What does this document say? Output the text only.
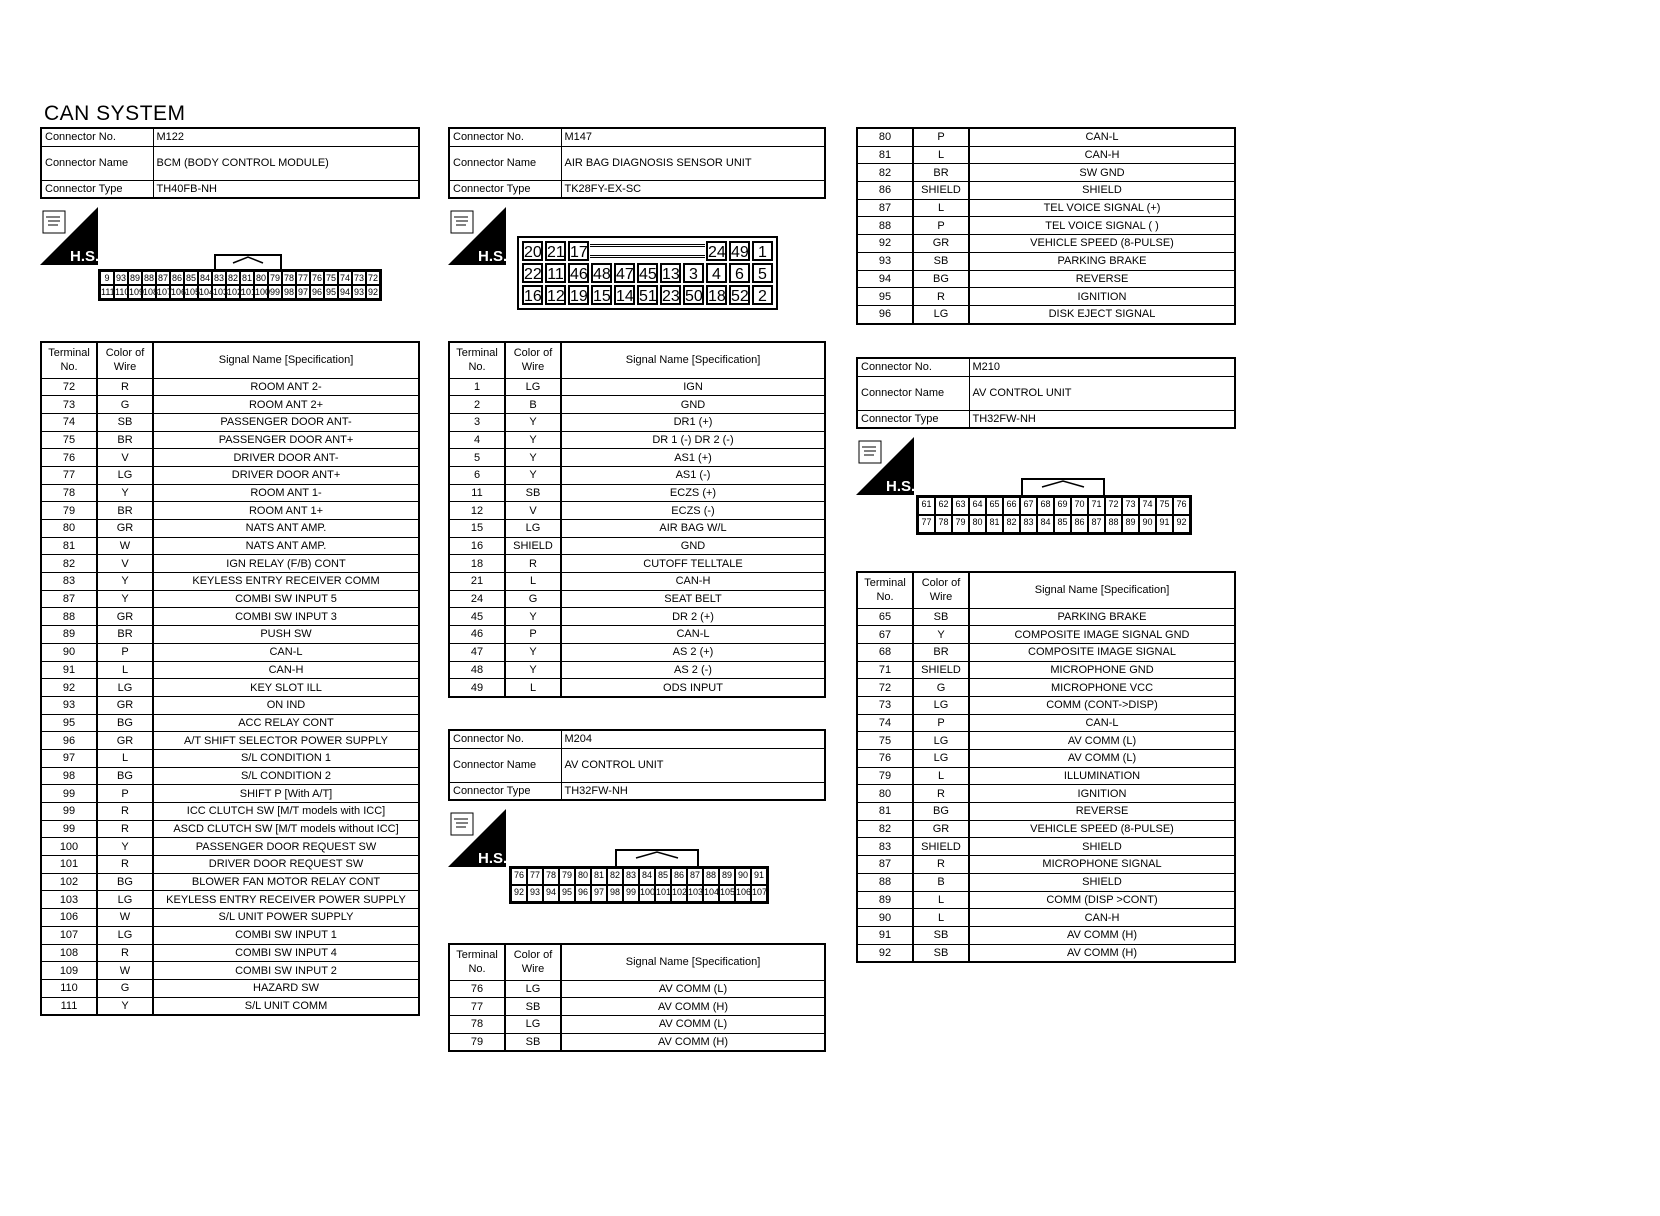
CAN SYSTEM
Connector No.	M122
Connector Name	BCM (BODY CONTROL MODULE)
Connector Type	TH40FB-NH
H.S.
9 93 89 88 87 86 85 84 83 82 81 80 79 78 77 76 75 74 73 72
111 110 109
108
107
106
105
104
103
102
101
100 99 98 97 96 95 94 93 92
Terminal No.	Color of Wire	Signal Name [Specification]
72	R	ROOM ANT 2-
73	G	ROOM ANT 2+
74	SB	PASSENGER DOOR ANT-
75	BR	PASSENGER DOOR ANT+
76	V	DRIVER DOOR ANT-
77	LG	DRIVER DOOR ANT+
78	Y	ROOM ANT 1-
79	BR	ROOM ANT 1+
80	GR	NATS ANT AMP.
81	W	NATS ANT AMP.
82	V	IGN RELAY (F/B) CONT
83	Y	KEYLESS ENTRY RECEIVER COMM
87	Y	COMBI SW INPUT 5
88	GR	COMBI SW INPUT 3
89	BR	PUSH SW
90	P	CAN-L
91	L	CAN-H
92	LG	KEY SLOT ILL
93	GR	ON IND
95	BG	ACC RELAY CONT
96	GR	A/T SHIFT SELECTOR POWER SUPPLY
97	L	S/L CONDITION 1
98	BG	S/L CONDITION 2
99	P	SHIFT P [With A/T]
99	R	ICC CLUTCH SW [M/T models with ICC]
99	R	ASCD CLUTCH SW [M/T models without ICC]
100	Y	PASSENGER DOOR REQUEST SW
101	R	DRIVER DOOR REQUEST SW
102	BG	BLOWER FAN MOTOR RELAY CONT
103	LG	KEYLESS ENTRY RECEIVER POWER SUPPLY
106	W	S/L UNIT POWER SUPPLY
107	LG	COMBI SW INPUT 1
108	R	COMBI SW INPUT 4
109	W	COMBI SW INPUT 2
110	G	HAZARD SW
111	Y	S/L UNIT COMM
Connector No.	M147
Connector Name	AIR BAG DIAGNOSIS SENSOR UNIT
Connector Type	TK28FY-EX-SC
H.S. 20 21 17	24 49 1
22 11 46 48 47 45 13 3 4 6 5
16 12 19 15 14 51 23 50 18 52 2
Terminal No.	Color of Wire	Signal Name [Specification]
1	LG	IGN
2	B	GND
3	Y	DR1 (+)
4	Y	DR 1 (-) DR 2 (-)
5	Y	AS1 (+)
6	Y	AS1 (-)
11	SB	ECZS (+)
12	V	ECZS (-)
15	LG	AIR BAG W/L
16	SHIELD	GND
18	R	CUTOFF TELLTALE
21	L	CAN-H
24	G	SEAT BELT
45	Y	DR 2 (+)
46	P	CAN-L
47	Y	AS 2 (+)
48	Y	AS 2 (-)
49	L	ODS INPUT
Connector No.	M204
Connector Name	AV CONTROL UNIT
Connector Type	TH32FW-NH
H.S.
76 77 78 79 80 81 82 83 84 85 86 87 88 89 90 91
92 93 94 95 96 97 98 99 100 101 102 103 104 105 106 107
Terminal No.	Color of Wire	Signal Name [Specification]
76	LG	AV COMM (L)
77	SB	AV COMM (H)
78	LG	AV COMM (L)
79	SB	AV COMM (H)
80	P	CAN-L
81	L	CAN-H
82	BR	SW GND
86	SHIELD	SHIELD
87	L	TEL VOICE SIGNAL (+)
88	P	TEL VOICE SIGNAL ( )
92	GR	VEHICLE SPEED (8-PULSE)
93	SB	PARKING BRAKE
94	BG	REVERSE
95	R	IGNITION
96	LG	DISK EJECT SIGNAL
Connector No.	M210
Connector Name	AV CONTROL UNIT
Connector Type	TH32FW-NH
H.S.
61 62 63 64 65 66 67 68 69 70 71 72 73 74 75 76
77 78 79 80 81 82 83 84 85 86 87 88 89 90 91 92
Terminal No.	Color of Wire	Signal Name [Specification]
65	SB	PARKING BRAKE
67	Y	COMPOSITE IMAGE SIGNAL GND
68	BR	COMPOSITE IMAGE SIGNAL
71	SHIELD	MICROPHONE GND
72	G	MICROPHONE VCC
73	LG	COMM (CONT->DISP)
74	P	CAN-L
75	LG	AV COMM (L)
76	LG	AV COMM (L)
79	L	ILLUMINATION
80	R	IGNITION
81	BG	REVERSE
82	GR	VEHICLE SPEED (8-PULSE)
83	SHIELD	SHIELD
87	R	MICROPHONE SIGNAL
88	B	SHIELD
89	L	COMM (DISP >CONT)
90	L	CAN-H
91	SB	AV COMM (H)
92	SB	AV COMM (H)
